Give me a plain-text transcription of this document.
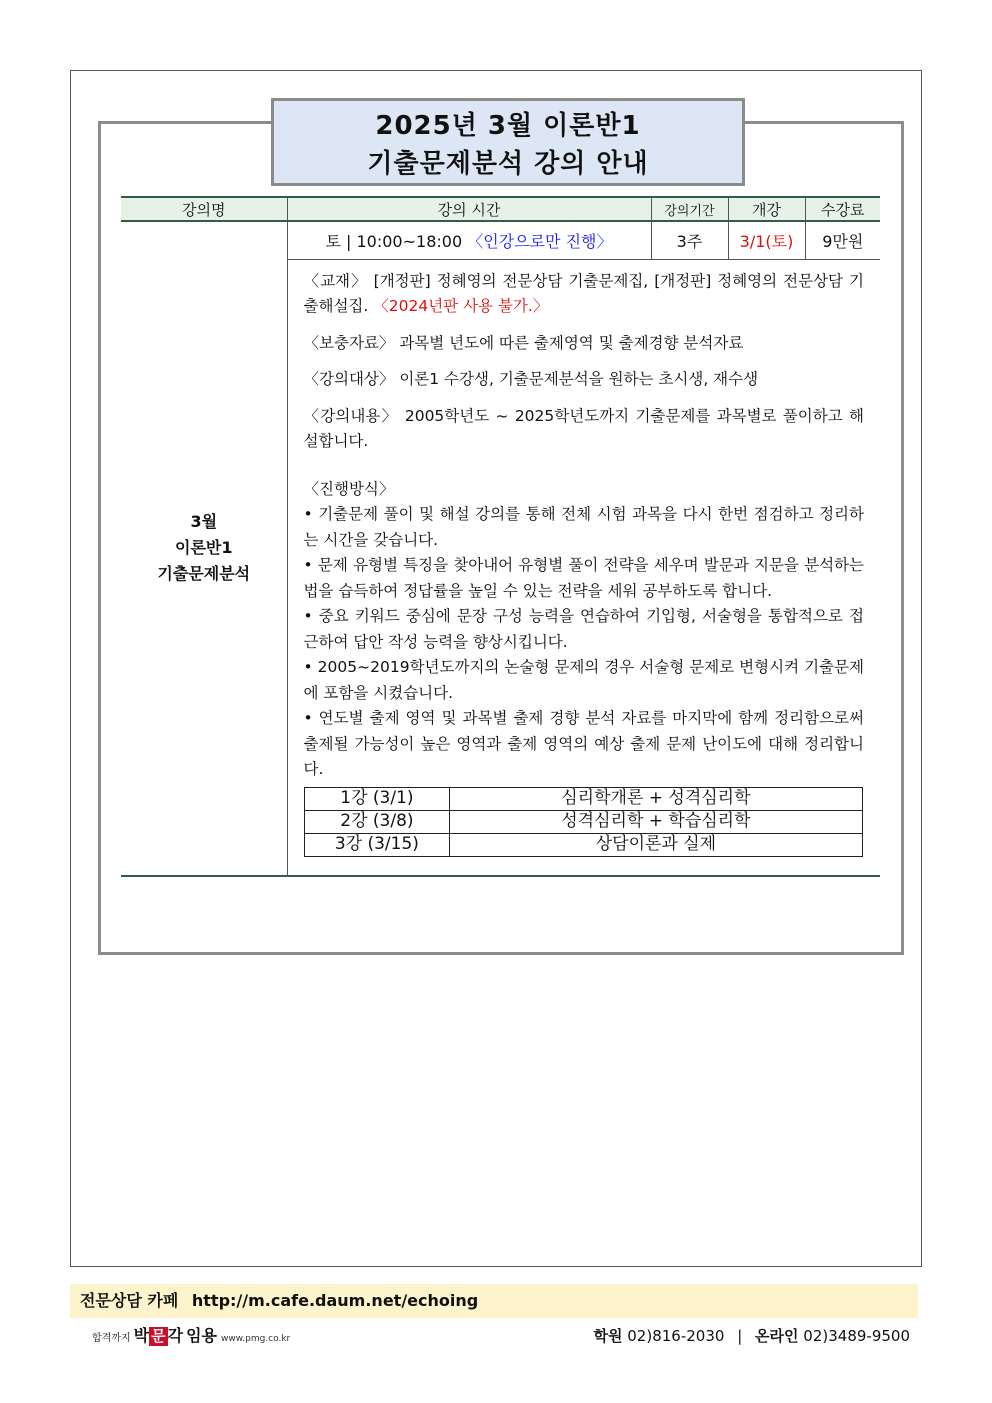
2025년 3월 이론반1
기출문제분석 강의 안내
강의명	강의 시간	강의기간	개강	수강료

3월
이론반1
기출문제분석
	토 | 10:00~18:00 〈인강으로만 진행〉	3주	3/1(토)	9만원

〈교재〉 [개정판] 정혜영의 전문상담 기출문제집, [개정판] 정혜영의 전문상담 기출해설집. 〈2024년판 사용 불가.〉
〈보충자료〉 과목별 년도에 따른 출제영역 및 출제경향 분석자료
〈강의대상〉 이론1 수강생, 기출문제분석을 원하는 초시생, 재수생
〈강의내용〉 2005학년도 ~ 2025학년도까지 기출문제를 과목별로 풀이하고 해설합니다.
〈진행방식〉
• 기출문제 풀이 및 해설 강의를 통해 전체 시험 과목을 다시 한번 점검하고 정리하는 시간을 갖습니다.
• 문제 유형별 특징을 찾아내어 유형별 풀이 전략을 세우며 발문과 지문을 분석하는 법을 습득하여 정답률을 높일 수 있는 전략을 세워 공부하도록 합니다.
• 중요 키워드 중심에 문장 구성 능력을 연습하여 기입형, 서술형을 통합적으로 접근하여 답안 작성 능력을 향상시킵니다.
• 2005~2019학년도까지의 논술형 문제의 경우 서술형 문제로 변형시켜 기출문제에 포함을 시켰습니다.
• 연도별 출제 영역 및 과목별 출제 경향 분석 자료를 마지막에 함께 정리함으로써 출제될 가능성이 높은 영역과 출제 영역의 예상 출제 문제 난이도에 대해 정리합니다.
1강 (3/1)	심리학개론 + 성격심리학
2강 (3/8)	성격심리학 + 학습심리학
3강 (3/15)	상담이론과 실제
전문상담 카페 http://m.cafe.daum.net/echoing
합격까지 박 문 각 임용 www.pmg.co.kr	학원 02)816-2030 | 온라인 02)3489-9500
